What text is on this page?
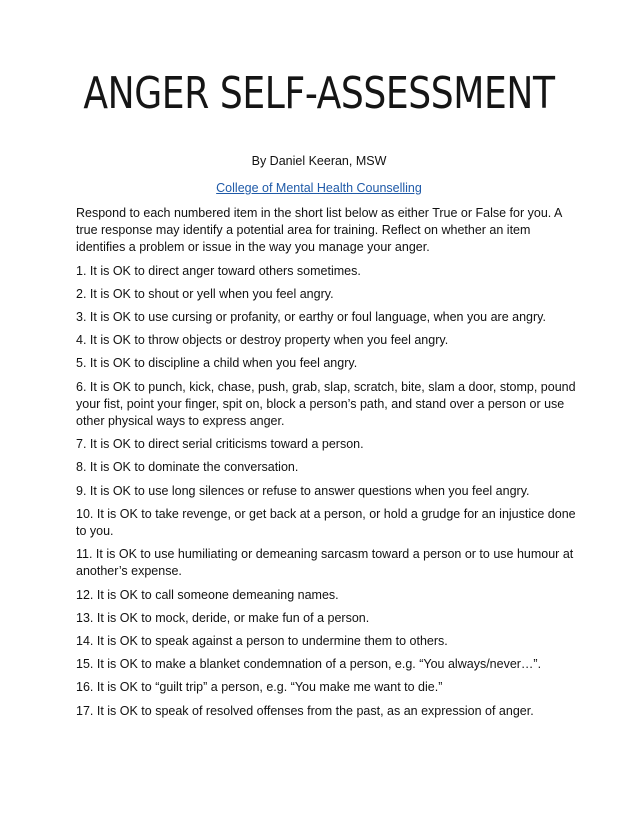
ANGER SELF-ASSESSMENT
By Daniel Keeran, MSW
College of Mental Health Counselling

Respond to each numbered item in the short list below as either True or False for you. A true response may identify a potential area for training. Reflect on whether an item identifies a problem or issue in the way you manage your anger.

1. It is OK to direct anger toward others sometimes.
2. It is OK to shout or yell when you feel angry.
3. It is OK to use cursing or profanity, or earthy or foul language, when you are angry.
4. It is OK to throw objects or destroy property when you feel angry.
5. It is OK to discipline a child when you feel angry.
6. It is OK to punch, kick, chase, push, grab, slap, scratch, bite, slam a door, stomp, pound your fist, point your finger, spit on, block a person’s path, and stand over a person or use other physical ways to express anger.
7. It is OK to direct serial criticisms toward a person.
8. It is OK to dominate the conversation.
9. It is OK to use long silences or refuse to answer questions when you feel angry.
10. It is OK to take revenge, or get back at a person, or hold a grudge for an injustice done to you.
11. It is OK to use humiliating or demeaning sarcasm toward a person or to use humour at another’s expense.
12. It is OK to call someone demeaning names.
13. It is OK to mock, deride, or make fun of a person.
14. It is OK to speak against a person to undermine them to others.
15. It is OK to make a blanket condemnation of a person, e.g. “You always/never…”.
16. It is OK to “guilt trip” a person, e.g. “You make me want to die.”
17. It is OK to speak of resolved offenses from the past, as an expression of anger.
